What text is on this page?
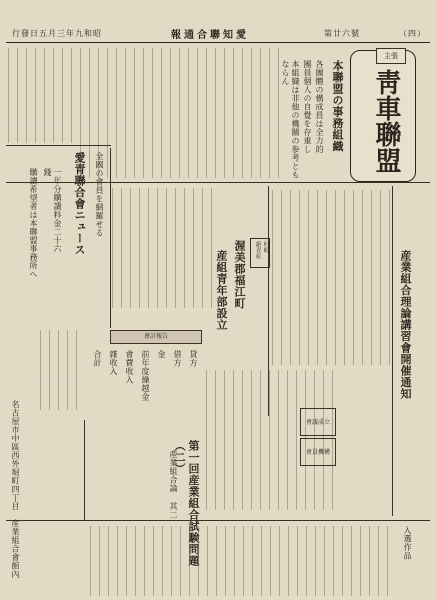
（四）
第廿六號
報通合聯知愛
行發日五月三年九和昭
靑車聯盟
主張
本聯盟の事務組織
各團體の構成員は全力的
團員個人の自覺を存重し
本組織は非他の機關の参考ともならん
全國の會員を網羅せる
愛青聯合會ニュース
一年分購讀料金二十六錢
購讀希望者は本聯盟事務所へ	村町 新青産
渥美郡福江町
産組青年部設立	産業組合理論講習會開催通知
會計報告
貸方
借方
金
前年度繰越金
會費收入
雜收入
合計
第一回産業組合試験問題（二）
産業組合論 其二
會議成立
會員機構
入選作品
名古屋市中區西外堀町四丁目　産業組合會館內
